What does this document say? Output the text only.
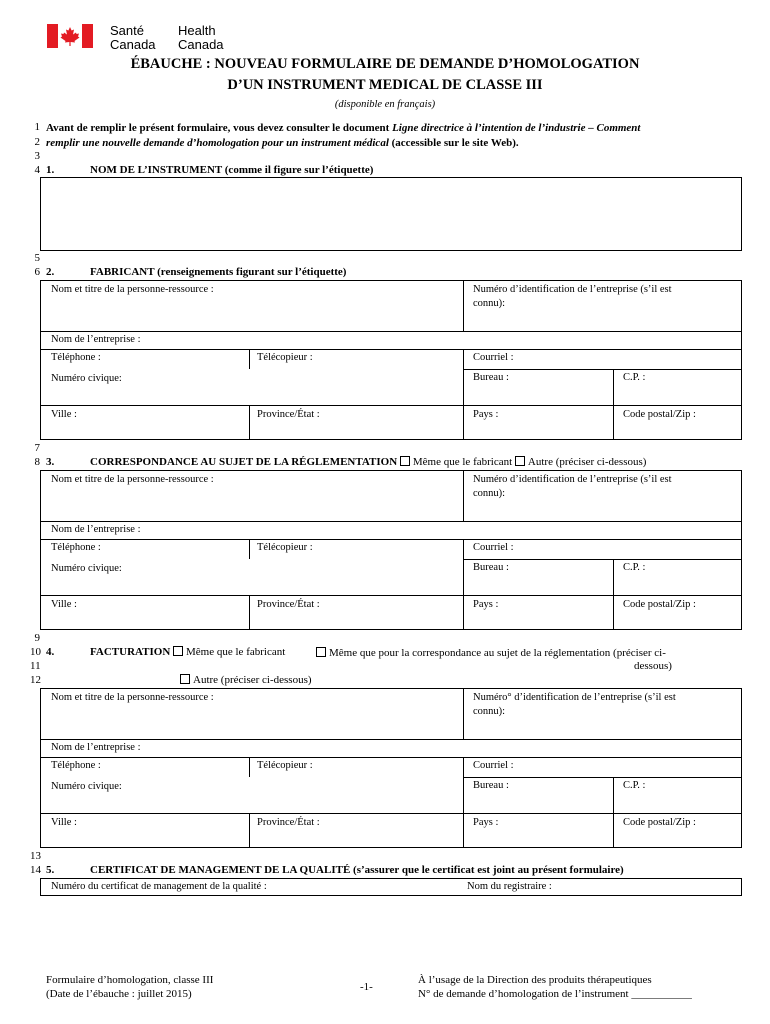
Santé
Canada
Health
Canada
ÉBAUCHE : NOUVEAU FORMULAIRE DE DEMANDE D’HOMOLOGATION
D’UN INSTRUMENT MEDICAL DE CLASSE III
(disponible en français)
1
2
3
4
5
6
7
8
9
10
11
12
13
14
Avant de remplir le présent formulaire, vous devez consulter le document Ligne directrice à l’intention de l’industrie – Comment
remplir une nouvelle demande d’homologation pour un instrument médical (accessible sur le site Web).
1.	NOM DE L’INSTRUMENT (comme il figure sur l’étiquette)
2.	FABRICANT (renseignements figurant sur l’étiquette)
Nom et titre de la personne-ressource :	Numéro d’identification de l’entreprise (s’il est
connu):
Nom de l’entreprise :
Téléphone :	Télécopieur :	Courriel :
Numéro civique:	Bureau :	C.P. :
Ville :	Province/État :	Pays :	Code postal/Zip :
3.	CORRESPONDANCE AU SUJET DE LA RÉGLEMENTATION Même que le fabricant Autre (préciser ci-dessous)
Nom et titre de la personne-ressource :	Numéro d’identification de l’entreprise (s’il est
connu):
Nom de l’entreprise :
Téléphone :	Télécopieur :	Courriel :
Numéro civique:	Bureau :	C.P. :
Ville :	Province/État :	Pays :	Code postal/Zip :
4.	FACTURATION Même que le fabricant	Même que pour la correspondance au sujet de la réglementation (préciser ci-
dessous)
Autre (préciser ci-dessous)
Nom et titre de la personne-ressource :	Numéro° d’identification de l’entreprise (s’il est
connu):
Nom de l’entreprise :
Téléphone :	Télécopieur :	Courriel :
Numéro civique:	Bureau :	C.P. :
Ville :	Province/État :	Pays :	Code postal/Zip :
5.	CERTIFICAT DE MANAGEMENT DE LA QUALITÉ (s’assurer que le certificat est joint au présent formulaire)
Numéro du certificat de management de la qualité :	Nom du registraire :
Formulaire d’homologation, classe III
(Date de l’ébauche : juillet 2015)
-1-
À l’usage de la Direction des produits thérapeutiques
N° de demande d’homologation de l’instrument ___________
